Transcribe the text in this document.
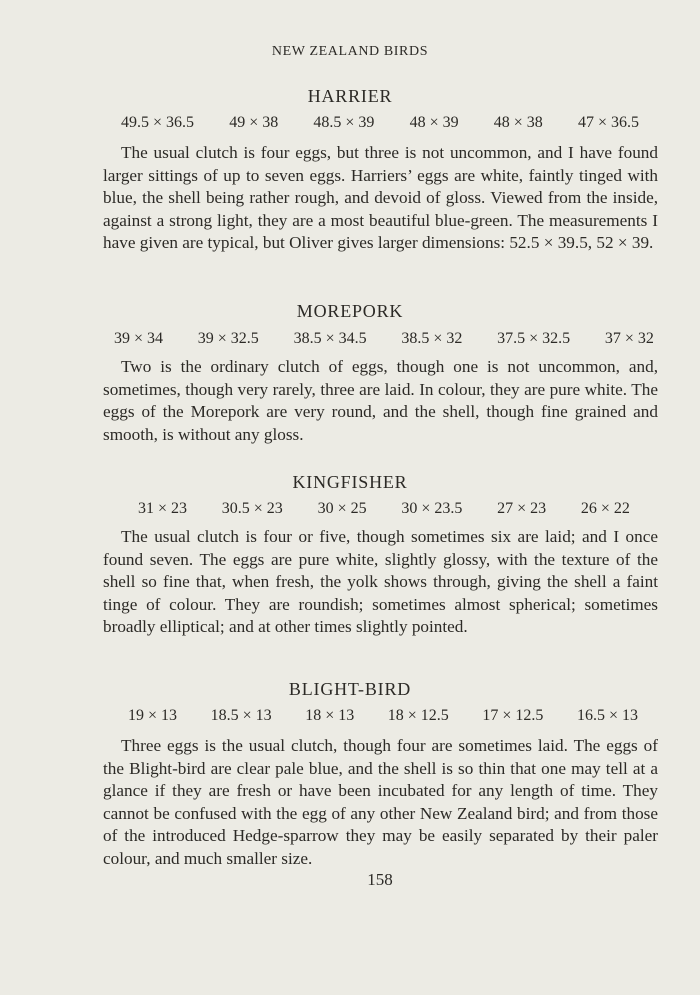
NEW ZEALAND BIRDS
HARRIER
49.5 × 36.5 49 × 38 48.5 × 39 48 × 39 48 × 38 47 × 36.5

The usual clutch is four eggs, but three is not uncommon, and I have found larger sittings of up to seven eggs. Harriers’ eggs are white, faintly tinged with blue, the shell being rather rough, and devoid of gloss. Viewed from the inside, against a strong light, they are a most beautiful blue-green. The measurements I have given are typical, but Oliver gives larger dimensions: 52.5 × 39.5, 52 × 39.

MOREPORK
39 × 34 39 × 32.5 38.5 × 34.5 38.5 × 32 37.5 × 32.5 37 × 32

Two is the ordinary clutch of eggs, though one is not uncommon, and, sometimes, though very rarely, three are laid. In colour, they are pure white. The eggs of the Morepork are very round, and the shell, though fine grained and smooth, is without any gloss.

KINGFISHER
31 × 23 30.5 × 23 30 × 25 30 × 23.5 27 × 23 26 × 22

The usual clutch is four or five, though sometimes six are laid; and I once found seven. The eggs are pure white, slightly glossy, with the texture of the shell so fine that, when fresh, the yolk shows through, giving the shell a faint tinge of colour. They are roundish; sometimes almost spherical; sometimes broadly elliptical; and at other times slightly pointed.

BLIGHT-BIRD
19 × 13 18.5 × 13 18 × 13 18 × 12.5 17 × 12.5 16.5 × 13

Three eggs is the usual clutch, though four are sometimes laid. The eggs of the Blight-bird are clear pale blue, and the shell is so thin that one may tell at a glance if they are fresh or have been incubated for any length of time. They cannot be confused with the egg of any other New Zealand bird; and from those of the introduced Hedge-sparrow they may be easily separated by their paler colour, and much smaller size.

158
